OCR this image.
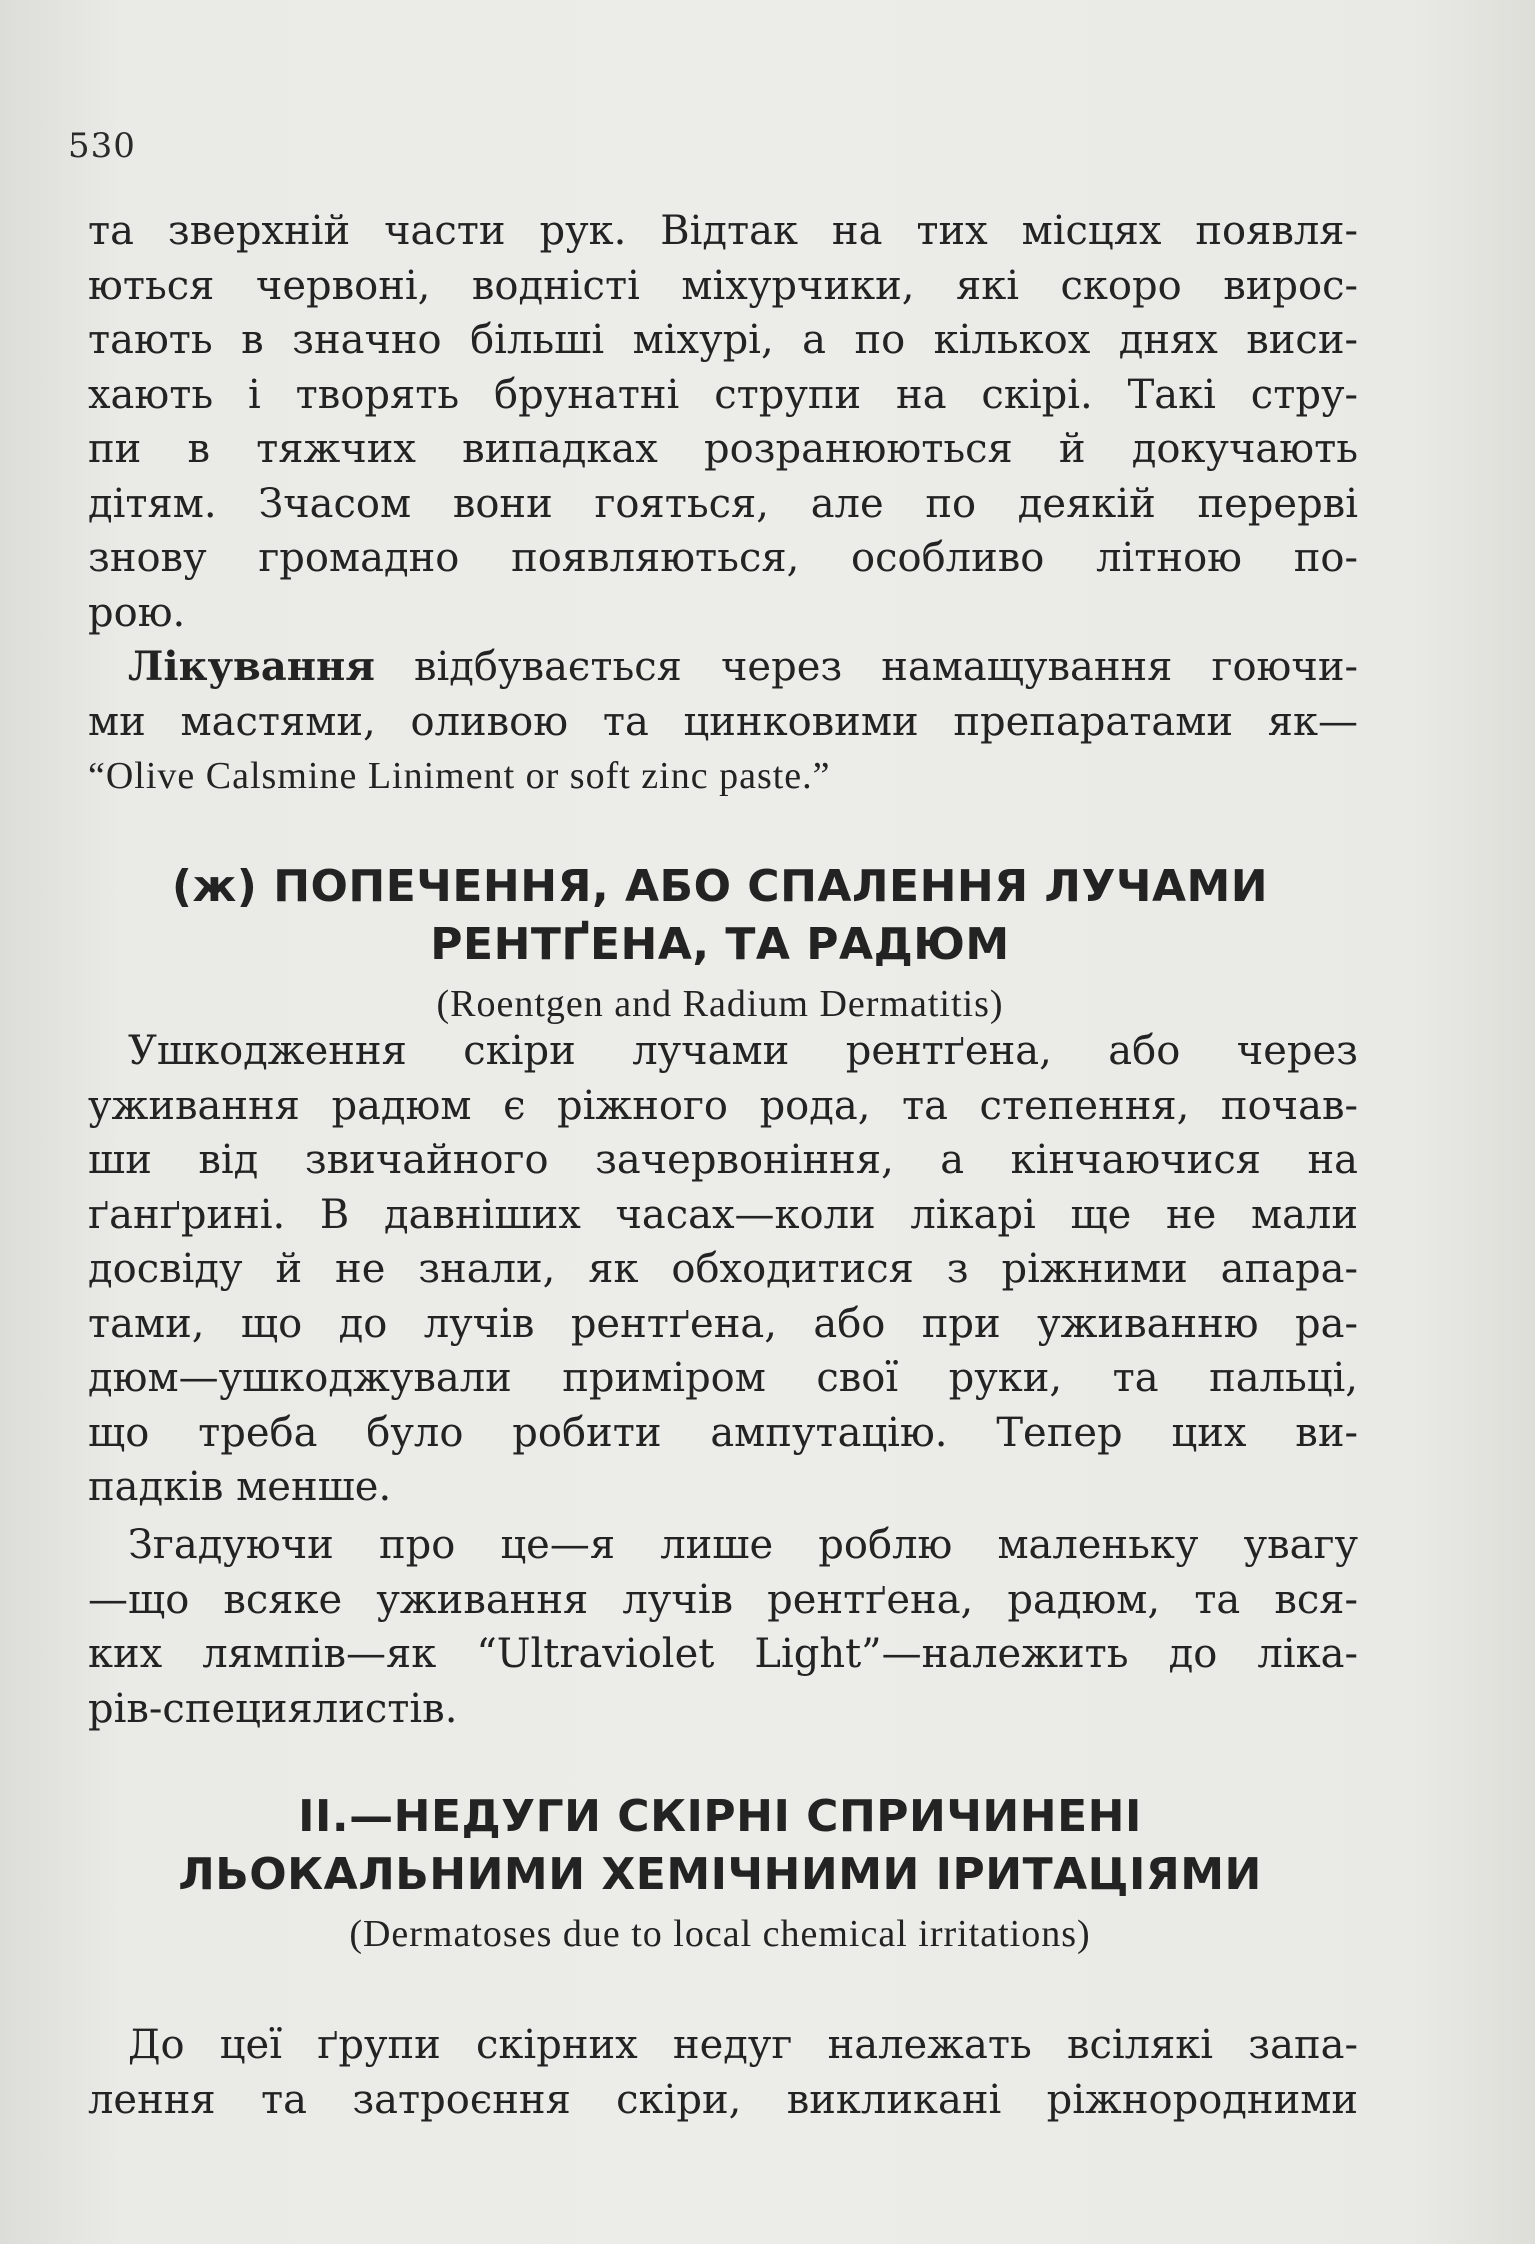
530

та зверхній части рук. Відтак на тих місцях появля-
ються червоні, водністі міхурчики, які скоро вирос-
тають в значно більші міхурі, а по кількох днях виси-
хають і творять брунатні струпи на скірі. Такі стру-
пи в тяжчих випадках розранюються й докучають
дітям. Зчасом вони гояться, але по деякій перерві
знову громадно появляються, особливо літною по-
рою.

Лікування відбувається через намащування гоючи-
ми мастями, оливою та цинковими препаратами як—
“Olive Calsmine Liniment or soft zinc paste.”

(ж) ПОПЕЧЕННЯ, АБО СПАЛЕННЯ ЛУЧАМИ

РЕНТҐЕНА, ТА РАДЮМ

(Roentgen and Radium Dermatitis)

Ушкодження скіри лучами рентґена, або через
уживання радюм є ріжного рода, та степення, почав-
ши від звичайного зачервоніння, а кінчаючися на
ґанґрині. В давніших часах—коли лікарі ще не мали
досвіду й не знали, як обходитися з ріжними апара-
тами, що до лучів рентґена, або при уживанню ра-
дюм—ушкоджували приміром свої руки, та пальці,
що треба було робити ампутацію. Тепер цих ви-
падків менше.

Згадуючи про це—я лише роблю маленьку увагу
—що всяке уживання лучів рентґена, радюм, та вся-
ких лямпів—як “Ultraviolet Light”—належить до ліка-
рів-специялистів.

II.—НЕДУГИ СКІРНІ СПРИЧИНЕНІ

ЛЬОКАЛЬНИМИ ХЕМІЧНИМИ ІРИТАЦІЯМИ

(Dermatoses due to local chemical irritations)

До цеї ґрупи скірних недуг належать всілякі запа-
лення та затроєння скіри, викликані ріжнородними
